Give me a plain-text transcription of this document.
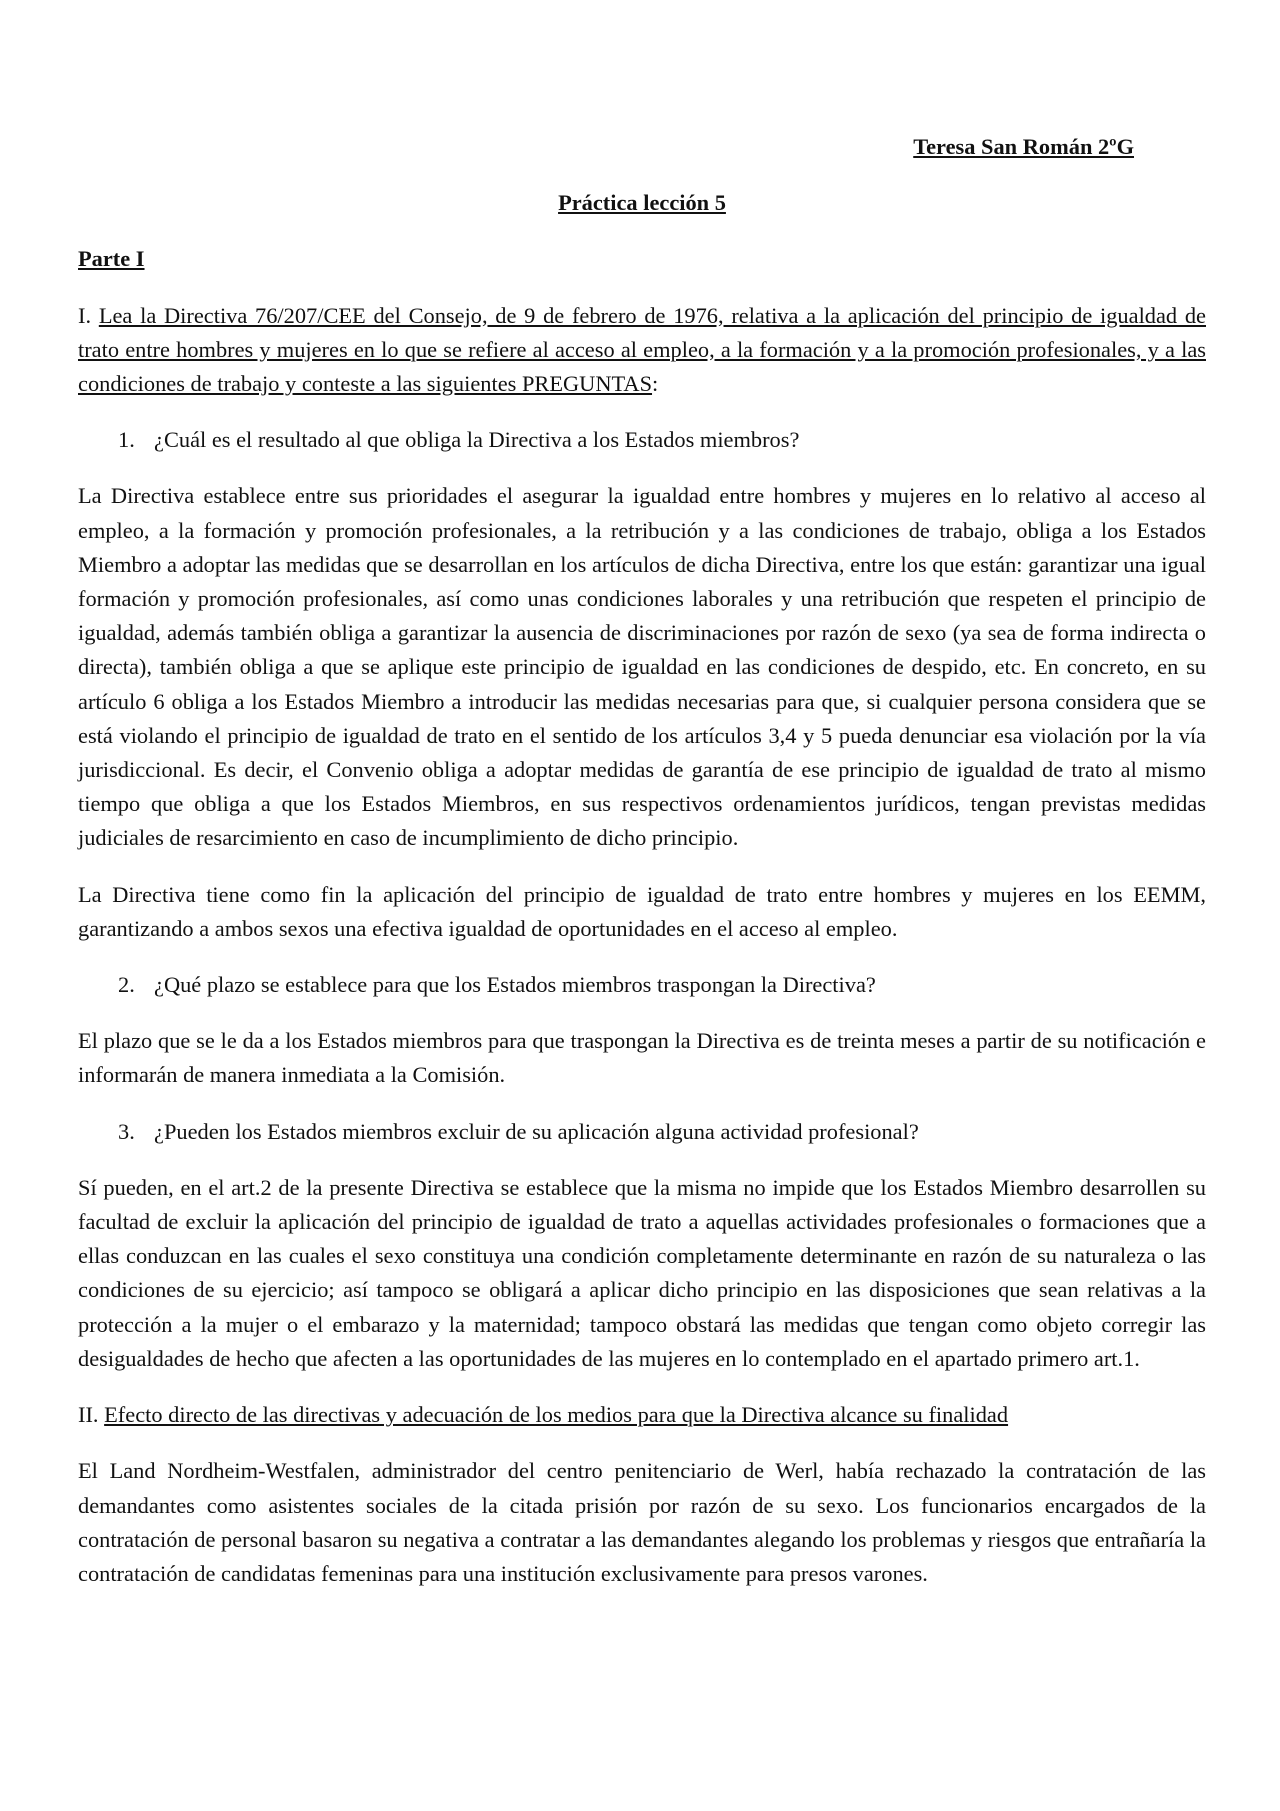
Teresa San Román 2ºG
Práctica lección 5
Parte I

I. Lea la Directiva 76/207/CEE del Consejo, de 9 de febrero de 1976, relativa a la aplicación del principio de igualdad de trato entre hombres y mujeres en lo que se refiere al acceso al empleo, a la formación y a la promoción profesionales, y a las condiciones de trabajo y conteste a las siguientes PREGUNTAS:

1. ¿Cuál es el resultado al que obliga la Directiva a los Estados miembros?

La Directiva establece entre sus prioridades el asegurar la igualdad entre hombres y mujeres en lo relativo al acceso al empleo, a la formación y promoción profesionales, a la retribución y a las condiciones de trabajo, obliga a los Estados Miembro a adoptar las medidas que se desarrollan en los artículos de dicha Directiva, entre los que están: garantizar una igual formación y promoción profesionales, así como unas condiciones laborales y una retribución que respeten el principio de igualdad, además también obliga a garantizar la ausencia de discriminaciones por razón de sexo (ya sea de forma indirecta o directa), también obliga a que se aplique este principio de igualdad en las condiciones de despido, etc. En concreto, en su artículo 6 obliga a los Estados Miembro a introducir las medidas necesarias para que, si cualquier persona considera que se está violando el principio de igualdad de trato en el sentido de los artículos 3,4 y 5 pueda denunciar esa violación por la vía jurisdiccional. Es decir, el Convenio obliga a adoptar medidas de garantía de ese principio de igualdad de trato al mismo tiempo que obliga a que los Estados Miembros, en sus respectivos ordenamientos jurídicos, tengan previstas medidas judiciales de resarcimiento en caso de incumplimiento de dicho principio.

La Directiva tiene como fin la aplicación del principio de igualdad de trato entre hombres y mujeres en los EEMM, garantizando a ambos sexos una efectiva igualdad de oportunidades en el acceso al empleo.

2. ¿Qué plazo se establece para que los Estados miembros traspongan la Directiva?

El plazo que se le da a los Estados miembros para que traspongan la Directiva es de treinta meses a partir de su notificación e informarán de manera inmediata a la Comisión.

3. ¿Pueden los Estados miembros excluir de su aplicación alguna actividad profesional?

Sí pueden, en el art.2 de la presente Directiva se establece que la misma no impide que los Estados Miembro desarrollen su facultad de excluir la aplicación del principio de igualdad de trato a aquellas actividades profesionales o formaciones que a ellas conduzcan en las cuales el sexo constituya una condición completamente determinante en razón de su naturaleza o las condiciones de su ejercicio; así tampoco se obligará a aplicar dicho principio en las disposiciones que sean relativas a la protección a la mujer o el embarazo y la maternidad; tampoco obstará las medidas que tengan como objeto corregir las desigualdades de hecho que afecten a las oportunidades de las mujeres en lo contemplado en el apartado primero art.1.

II. Efecto directo de las directivas y adecuación de los medios para que la Directiva alcance su finalidad

El Land Nordheim-Westfalen, administrador del centro penitenciario de Werl, había rechazado la contratación de las demandantes como asistentes sociales de la citada prisión por razón de su sexo. Los funcionarios encargados de la contratación de personal basaron su negativa a contratar a las demandantes alegando los problemas y riesgos que entrañaría la contratación de candidatas femeninas para una institución exclusivamente para presos varones.
